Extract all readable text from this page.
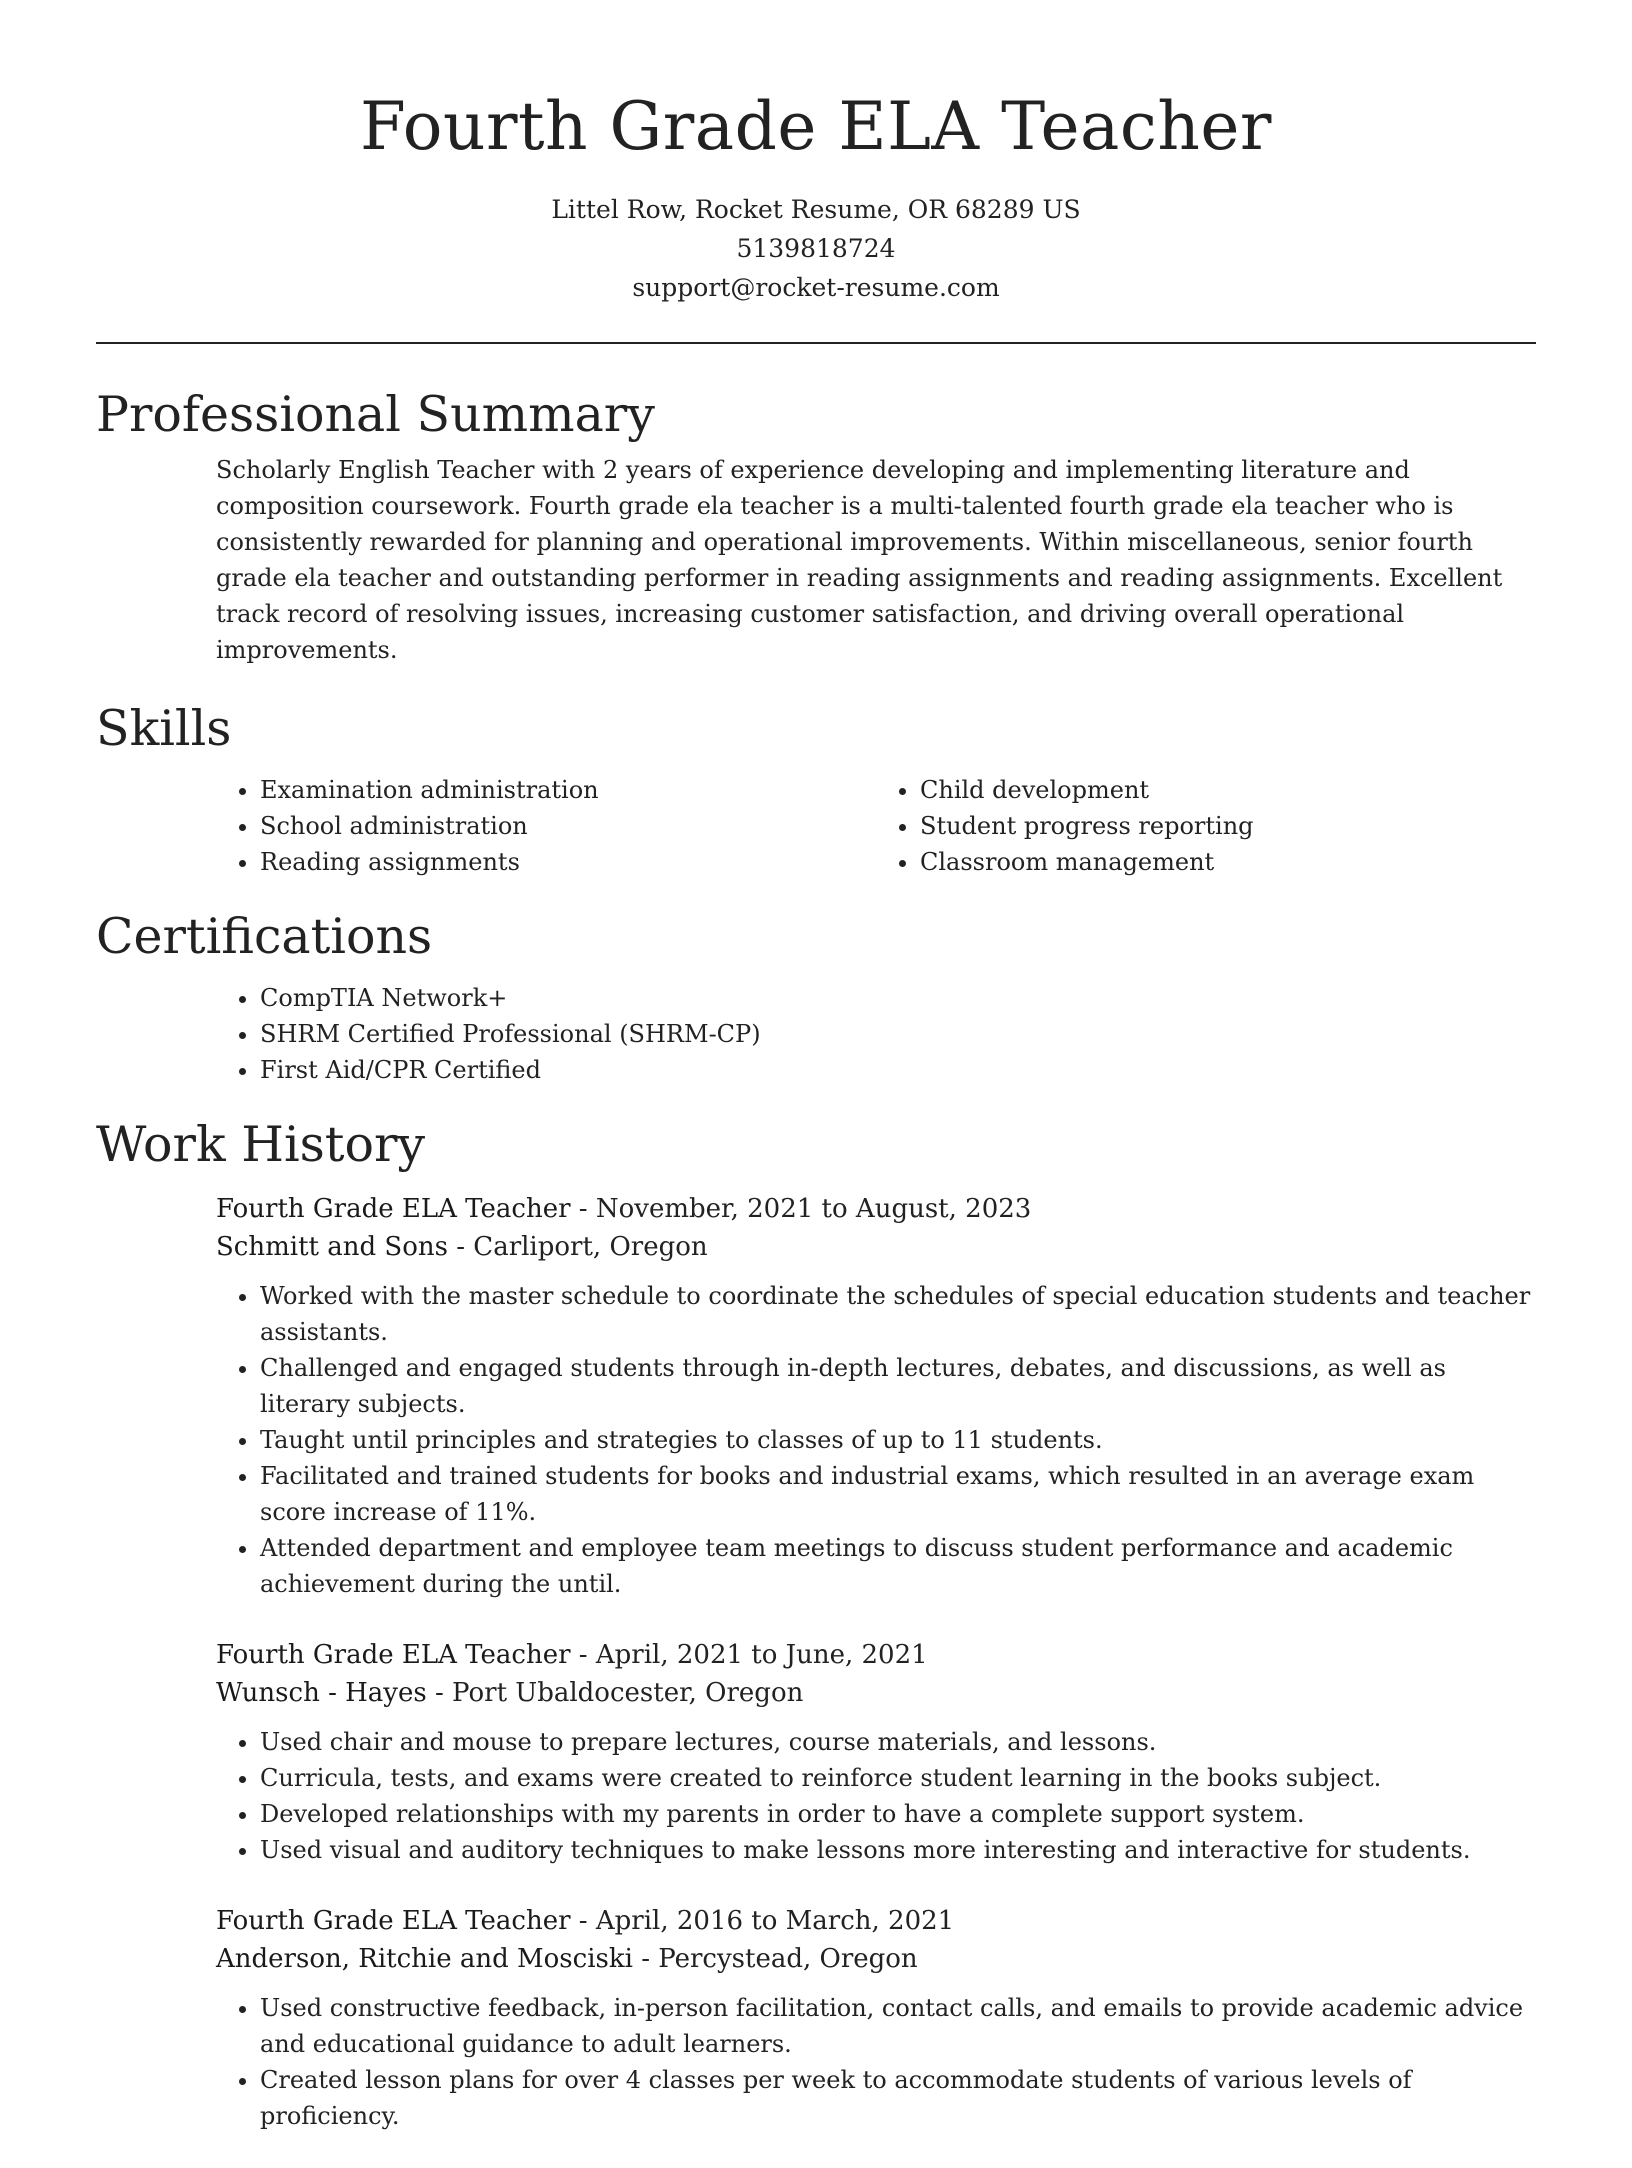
Fourth Grade ELA Teacher
Littel Row, Rocket Resume, OR 68289 US
5139818724
support@rocket-resume.com
Professional Summary
Scholarly English Teacher with 2 years of experience developing and implementing literature and composition coursework. Fourth grade ela teacher is a multi-talented fourth grade ela teacher who is consistently rewarded for planning and operational improvements. Within miscellaneous, senior fourth grade ela teacher and outstanding performer in reading assignments and reading assignments. Excellent track record of resolving issues, increasing customer satisfaction, and driving overall operational improvements.
Skills
• Examination administration
• School administration
• Reading assignments
• Child development
• Student progress reporting
• Classroom management
Certifications
• CompTIA Network+
• SHRM Certified Professional (SHRM-CP)
• First Aid/CPR Certified
Work History
Fourth Grade ELA Teacher - November, 2021 to August, 2023
Schmitt and Sons - Carliport, Oregon
• Worked with the master schedule to coordinate the schedules of special education students and teacher assistants.
• Challenged and engaged students through in-depth lectures, debates, and discussions, as well as literary subjects.
• Taught until principles and strategies to classes of up to 11 students.
• Facilitated and trained students for books and industrial exams, which resulted in an average exam score increase of 11%.
• Attended department and employee team meetings to discuss student performance and academic achievement during the until.
Fourth Grade ELA Teacher - April, 2021 to June, 2021
Wunsch - Hayes - Port Ubaldocester, Oregon
• Used chair and mouse to prepare lectures, course materials, and lessons.
• Curricula, tests, and exams were created to reinforce student learning in the books subject.
• Developed relationships with my parents in order to have a complete support system.
• Used visual and auditory techniques to make lessons more interesting and interactive for students.
Fourth Grade ELA Teacher - April, 2016 to March, 2021
Anderson, Ritchie and Mosciski - Percystead, Oregon
• Used constructive feedback, in-person facilitation, contact calls, and emails to provide academic advice and educational guidance to adult learners.
• Created lesson plans for over 4 classes per week to accommodate students of various levels of proficiency.
